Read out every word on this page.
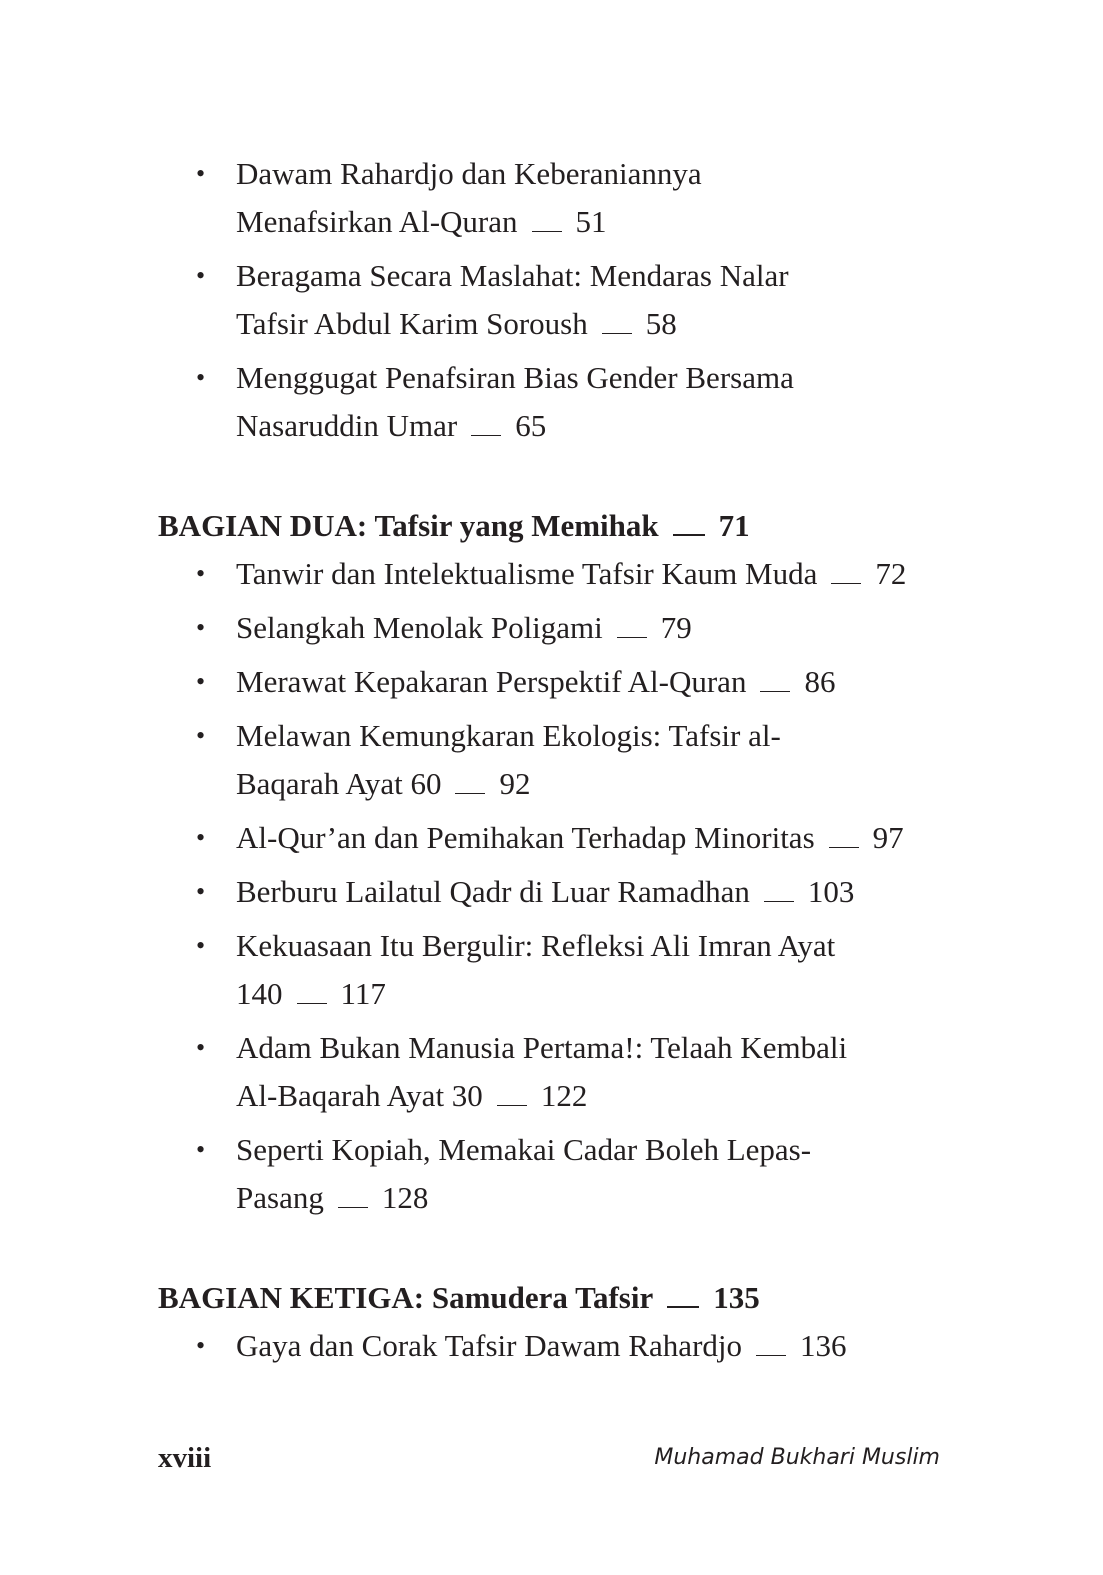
• Dawam Rahardjo dan Keberaniannya
Menafsirkan Al-Quran 51
• Beragama Secara Maslahat: Mendaras Nalar
Tafsir Abdul Karim Soroush 58
• Menggugat Penafsiran Bias Gender Bersama
Nasaruddin Umar 65
BAGIAN DUA: Tafsir yang Memihak 71
• Tanwir dan Intelektualisme Tafsir Kaum Muda 72
• Selangkah Menolak Poligami 79
• Merawat Kepakaran Perspektif Al-Quran 86
• Melawan Kemungkaran Ekologis: Tafsir al-
Baqarah Ayat 60 92
• Al-Qur’an dan Pemihakan Terhadap Minoritas 97
• Berburu Lailatul Qadr di Luar Ramadhan 103
• Kekuasaan Itu Bergulir: Refleksi Ali Imran Ayat
140 117
• Adam Bukan Manusia Pertama!: Telaah Kembali
Al-Baqarah Ayat 30 122
• Seperti Kopiah, Memakai Cadar Boleh Lepas-
Pasang 128
BAGIAN KETIGA: Samudera Tafsir 135
• Gaya dan Corak Tafsir Dawam Rahardjo 136
xviii	Muhamad Bukhari Muslim
